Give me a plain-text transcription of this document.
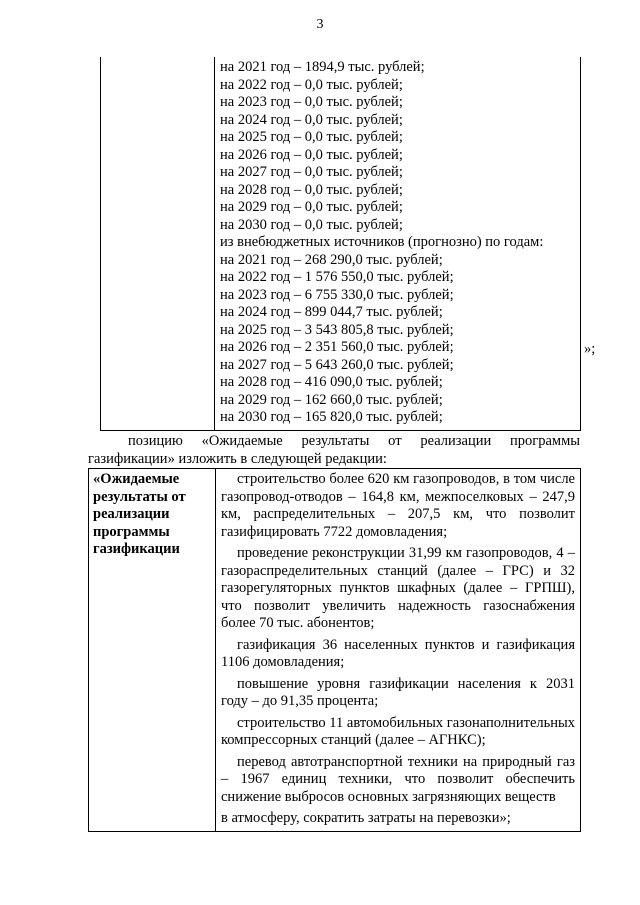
3
на 2021 год – 1894,9 тыс. рублей;
на 2022 год – 0,0 тыс. рублей;
на 2023 год – 0,0 тыс. рублей;
на 2024 год – 0,0 тыс. рублей;
на 2025 год – 0,0 тыс. рублей;
на 2026 год – 0,0 тыс. рублей;
на 2027 год – 0,0 тыс. рублей;
на 2028 год – 0,0 тыс. рублей;
на 2029 год – 0,0 тыс. рублей;
на 2030 год – 0,0 тыс. рублей;
из внебюджетных источников (прогнозно) по годам:
на 2021 год – 268 290,0 тыс. рублей;
на 2022 год – 1 576 550,0 тыс. рублей;
на 2023 год – 6 755 330,0 тыс. рублей;
на 2024 год – 899 044,7 тыс. рублей;
на 2025 год – 3 543 805,8 тыс. рублей;
на 2026 год – 2 351 560,0 тыс. рублей;
на 2027 год – 5 643 260,0 тыс. рублей;
на 2028 год – 416 090,0 тыс. рублей;
на 2029 год – 162 660,0 тыс. рублей;
на 2030 год – 165 820,0 тыс. рублей;
»;
позицию «Ожидаемые результаты от реализации программы
газификации» изложить в следующей редакции:
«Ожидаемые результаты от реализации программы газификации

строительство более 620 км газопроводов, в том числе газопровод-отводов – 164,8 км, межпоселковых – 247,9 км, распределительных – 207,5 км, что позволит газифицировать 7722 домовладения;

проведение реконструкции 31,99 км газопроводов, 4 – газораспределительных станций (далее – ГРС) и 32 газорегуляторных пунктов шкафных (далее – ГРПШ), что позволит увеличить надежность газоснабжения более 70 тыс. абонентов;

газификация 36 населенных пунктов и газификация 1106 домовладения;

повышение уровня газификации населения к 2031 году – до 91,35 процента;

строительство 11 автомобильных газонаполнительных компрессорных станций (далее – АГНКС);

перевод автотранспортной техники на природный газ – 1967 единиц техники, что позволит обеспечить снижение выбросов основных загрязняющих веществ

в атмосферу, сократить затраты на перевозки»;
